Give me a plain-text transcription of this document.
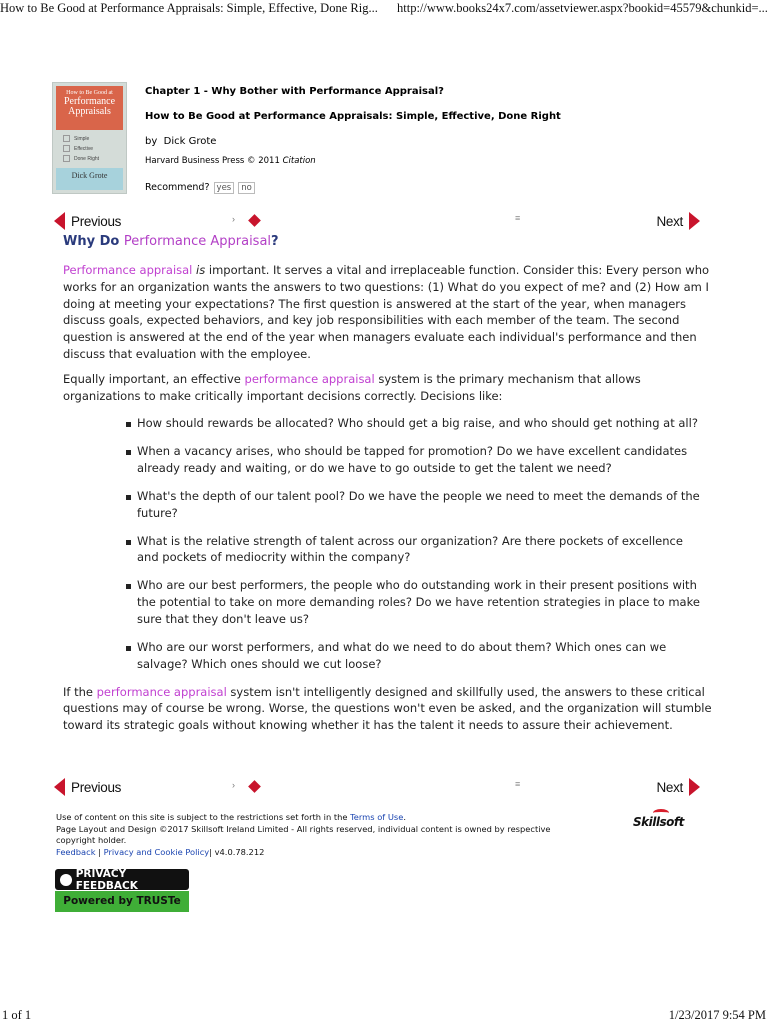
How to Be Good at Performance Appraisals: Simple, Effective, Done Rig... http://www.books24x7.com/assetviewer.aspx?bookid=45579&chunkid=...
How to Be Good at
Performance
Appraisals
Simple
Effective
Done Right
Dick Grote
Chapter 1 - Why Bother with Performance Appraisal?
How to Be Good at Performance Appraisals: Simple, Effective, Done Right
by Dick Grote
Harvard Business Press © 2011 Citation
Recommend? yes no
Previous	›	≡	Next
Why Do Performance Appraisal?

Performance appraisal is important. It serves a vital and irreplaceable function. Consider this: Every person who works for an organization wants the answers to two questions: (1) What do you expect of me? and (2) How am I doing at meeting your expectations? The first question is answered at the start of the year, when managers discuss goals, expected behaviors, and key job responsibilities with each member of the team. The second question is answered at the end of the year when managers evaluate each individual's performance and then discuss that evaluation with the employee.

Equally important, an effective performance appraisal system is the primary mechanism that allows organizations to make critically important decisions correctly. Decisions like:

How should rewards be allocated? Who should get a big raise, and who should get nothing at all?
When a vacancy arises, who should be tapped for promotion? Do we have excellent candidates already ready and waiting, or do we have to go outside to get the talent we need?
What's the depth of our talent pool? Do we have the people we need to meet the demands of the future?
What is the relative strength of talent across our organization? Are there pockets of excellence and pockets of mediocrity within the company?
Who are our best performers, the people who do outstanding work in their present positions with the potential to take on more demanding roles? Do we have retention strategies in place to make sure that they don't leave us?
Who are our worst performers, and what do we need to do about them? Which ones can we salvage? Which ones should we cut loose?

If the performance appraisal system isn't intelligently designed and skillfully used, the answers to these critical questions may of course be wrong. Worse, the questions won't even be asked, and the organization will stumble toward its strategic goals without knowing whether it has the talent it needs to assure their achievement.

Previous	›	≡	Next
Use of content on this site is subject to the restrictions set forth in the Terms of Use.
Page Layout and Design ©2017 Skillsoft Ireland Limited - All rights reserved, individual content is owned by respective copyright holder.
Feedback | Privacy and Cookie Policy| v4.0.78.212
Skillsoft
PRIVACY FEEDBACK
Powered by TRUSTe
1 of 1	1/23/2017 9:54 PM
